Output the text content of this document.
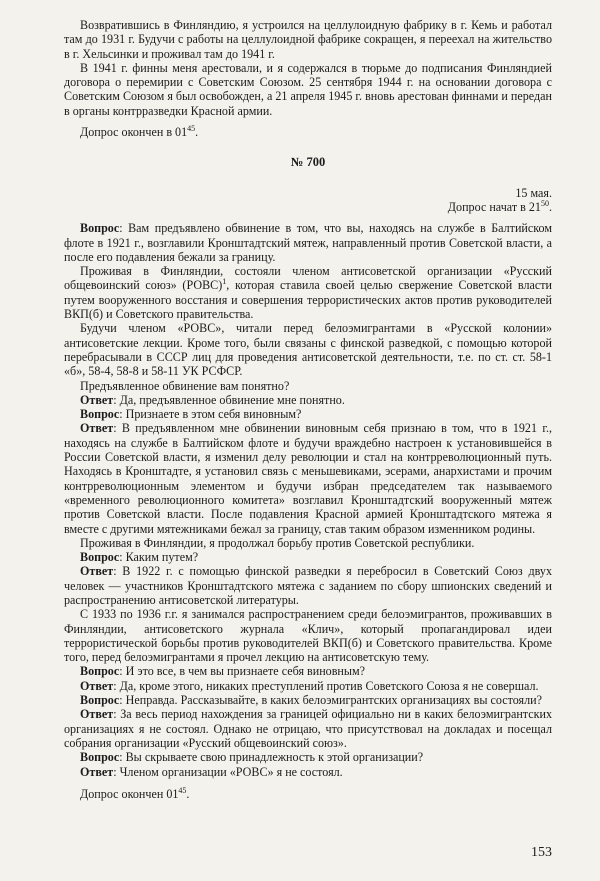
Возвратившись в Финляндию, я устроился на целлулоидную фабрику в г. Кемь и работал там до 1931 г. Будучи с работы на целлулоидной фабрике сокращен, я переехал на жительство в г. Хельсинки и проживал там до 1941 г.

В 1941 г. финны меня арестовали, и я содержался в тюрьме до подписания Финляндией договора о перемирии с Советским Союзом. 25 сентября 1944 г. на основании договора с Советским Союзом я был освобожден, а 21 апреля 1945 г. вновь арестован финнами и передан в органы контрразведки Красной армии.

Допрос окончен в $01^{45}$.

№ 700

15 мая.

Допрос начат в $21^{50}$.

Вопрос: Вам предъявлено обвинение в том, что вы, находясь на службе в Балтийском флоте в 1921 г., возглавили Кронштадтский мятеж, направленный против Советской власти, а после его подавления бежали за границу.

Проживая в Финляндии, состояли членом антисоветской организации «Русский общевоинский союз» (РОВС)$^1$, которая ставила своей целью свержение Советской власти путем вооруженного восстания и совершения террористических актов против руководителей ВКП(б) и Советского правительства.

Будучи членом «РОВС», читали перед белоэмигрантами в «Русской колонии» антисоветские лекции. Кроме того, были связаны с финской разведкой, с помощью которой перебрасывали в СССР лиц для проведения антисоветской деятельности, т.е. по ст. ст. 58-1 «б», 58-4, 58-8 и 58-11 УК РСФСР.

Предъявленное обвинение вам понятно?

Ответ: Да, предъявленное обвинение мне понятно.

Вопрос: Признаете в этом себя виновным?

Ответ: В предъявленном мне обвинении виновным себя признаю в том, что в 1921 г., находясь на службе в Балтийском флоте и будучи враждебно настроен к установившейся в России Советской власти, я изменил делу революции и стал на контрреволюционный путь. Находясь в Кронштадте, я установил связь с меньшевиками, эсерами, анархистами и прочим контрреволюционным элементом и будучи избран председателем так называемого «временного революционного комитета» возглавил Кронштадтский вооруженный мятеж против Советской власти. После подавления Красной армией Кронштадтского мятежа я вместе с другими мятежниками бежал за границу, став таким образом изменником родины.

Проживая в Финляндии, я продолжал борьбу против Советской республики.

Вопрос: Каким путем?

Ответ: В 1922 г. с помощью финской разведки я перебросил в Советский Союз двух человек — участников Кронштадтского мятежа с заданием по сбору шпионских сведений и распространению антисоветской литературы.

С 1933 по 1936 г.г. я занимался распространением среди белоэмигрантов, проживавших в Финляндии, антисоветского журнала «Клич», который пропагандировал идеи террористической борьбы против руководителей ВКП(б) и Советского правительства. Кроме того, перед белоэмигрантами я прочел лекцию на антисоветскую тему.

Вопрос: И это все, в чем вы признаете себя виновным?

Ответ: Да, кроме этого, никаких преступлений против Советского Союза я не совершал.

Вопрос: Неправда. Рассказывайте, в каких белоэмигрантских организациях вы состояли?

Ответ: За весь период нахождения за границей официально ни в каких белоэмигрантских организациях я не состоял. Однако не отрицаю, что присутствовал на докладах и посещал собрания организации «Русский общевоинский союз».

Вопрос: Вы скрываете свою принадлежность к этой организации?

Ответ: Членом организации «РОВС» я не состоял.

Допрос окончен $01^{45}$.

153
